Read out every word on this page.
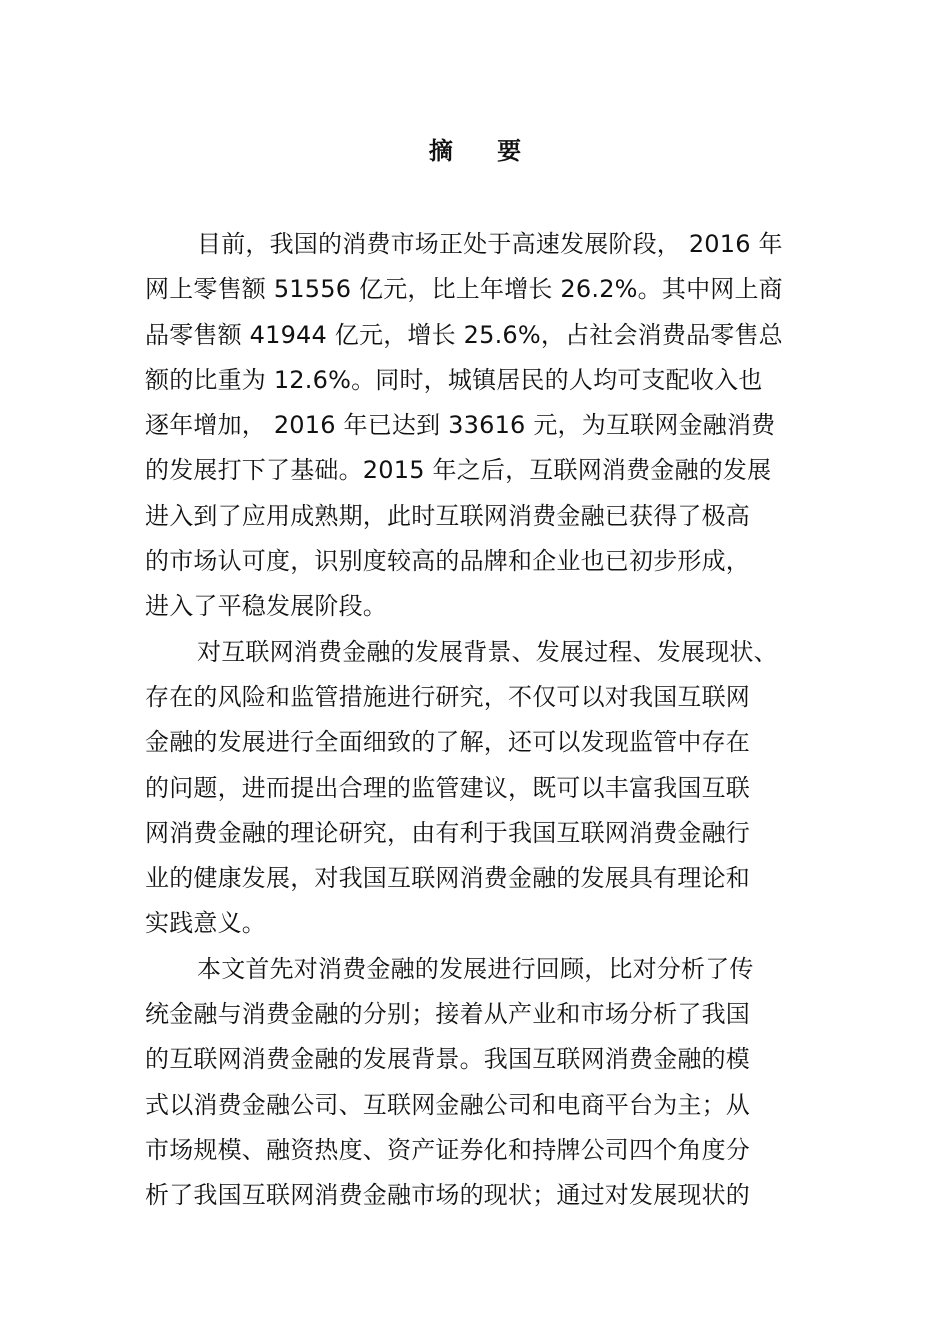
摘 要
目前，我国的消费市场正处于高速发展阶段， 2016 年
网上零售额 51556 亿元，比上年增长 26.2%。其中网上商
品零售额 41944 亿元，增长 25.6%，占社会消费品零售总
额的比重为 12.6%。同时，城镇居民的人均可支配收入也
逐年增加， 2016 年已达到 33616 元，为互联网金融消费
的发展打下了基础。2015 年之后，互联网消费金融的发展
进入到了应用成熟期，此时互联网消费金融已获得了极高
的市场认可度，识别度较高的品牌和企业也已初步形成，
进入了平稳发展阶段。
对互联网消费金融的发展背景、发展过程、发展现状、
存在的风险和监管措施进行研究，不仅可以对我国互联网
金融的发展进行全面细致的了解，还可以发现监管中存在
的问题，进而提出合理的监管建议，既可以丰富我国互联
网消费金融的理论研究，由有利于我国互联网消费金融行
业的健康发展，对我国互联网消费金融的发展具有理论和
实践意义。
本文首先对消费金融的发展进行回顾，比对分析了传
统金融与消费金融的分别；接着从产业和市场分析了我国
的互联网消费金融的发展背景。我国互联网消费金融的模
式以消费金融公司、互联网金融公司和电商平台为主；从
市场规模、融资热度、资产证券化和持牌公司四个角度分
析了我国互联网消费金融市场的现状；通过对发展现状的
